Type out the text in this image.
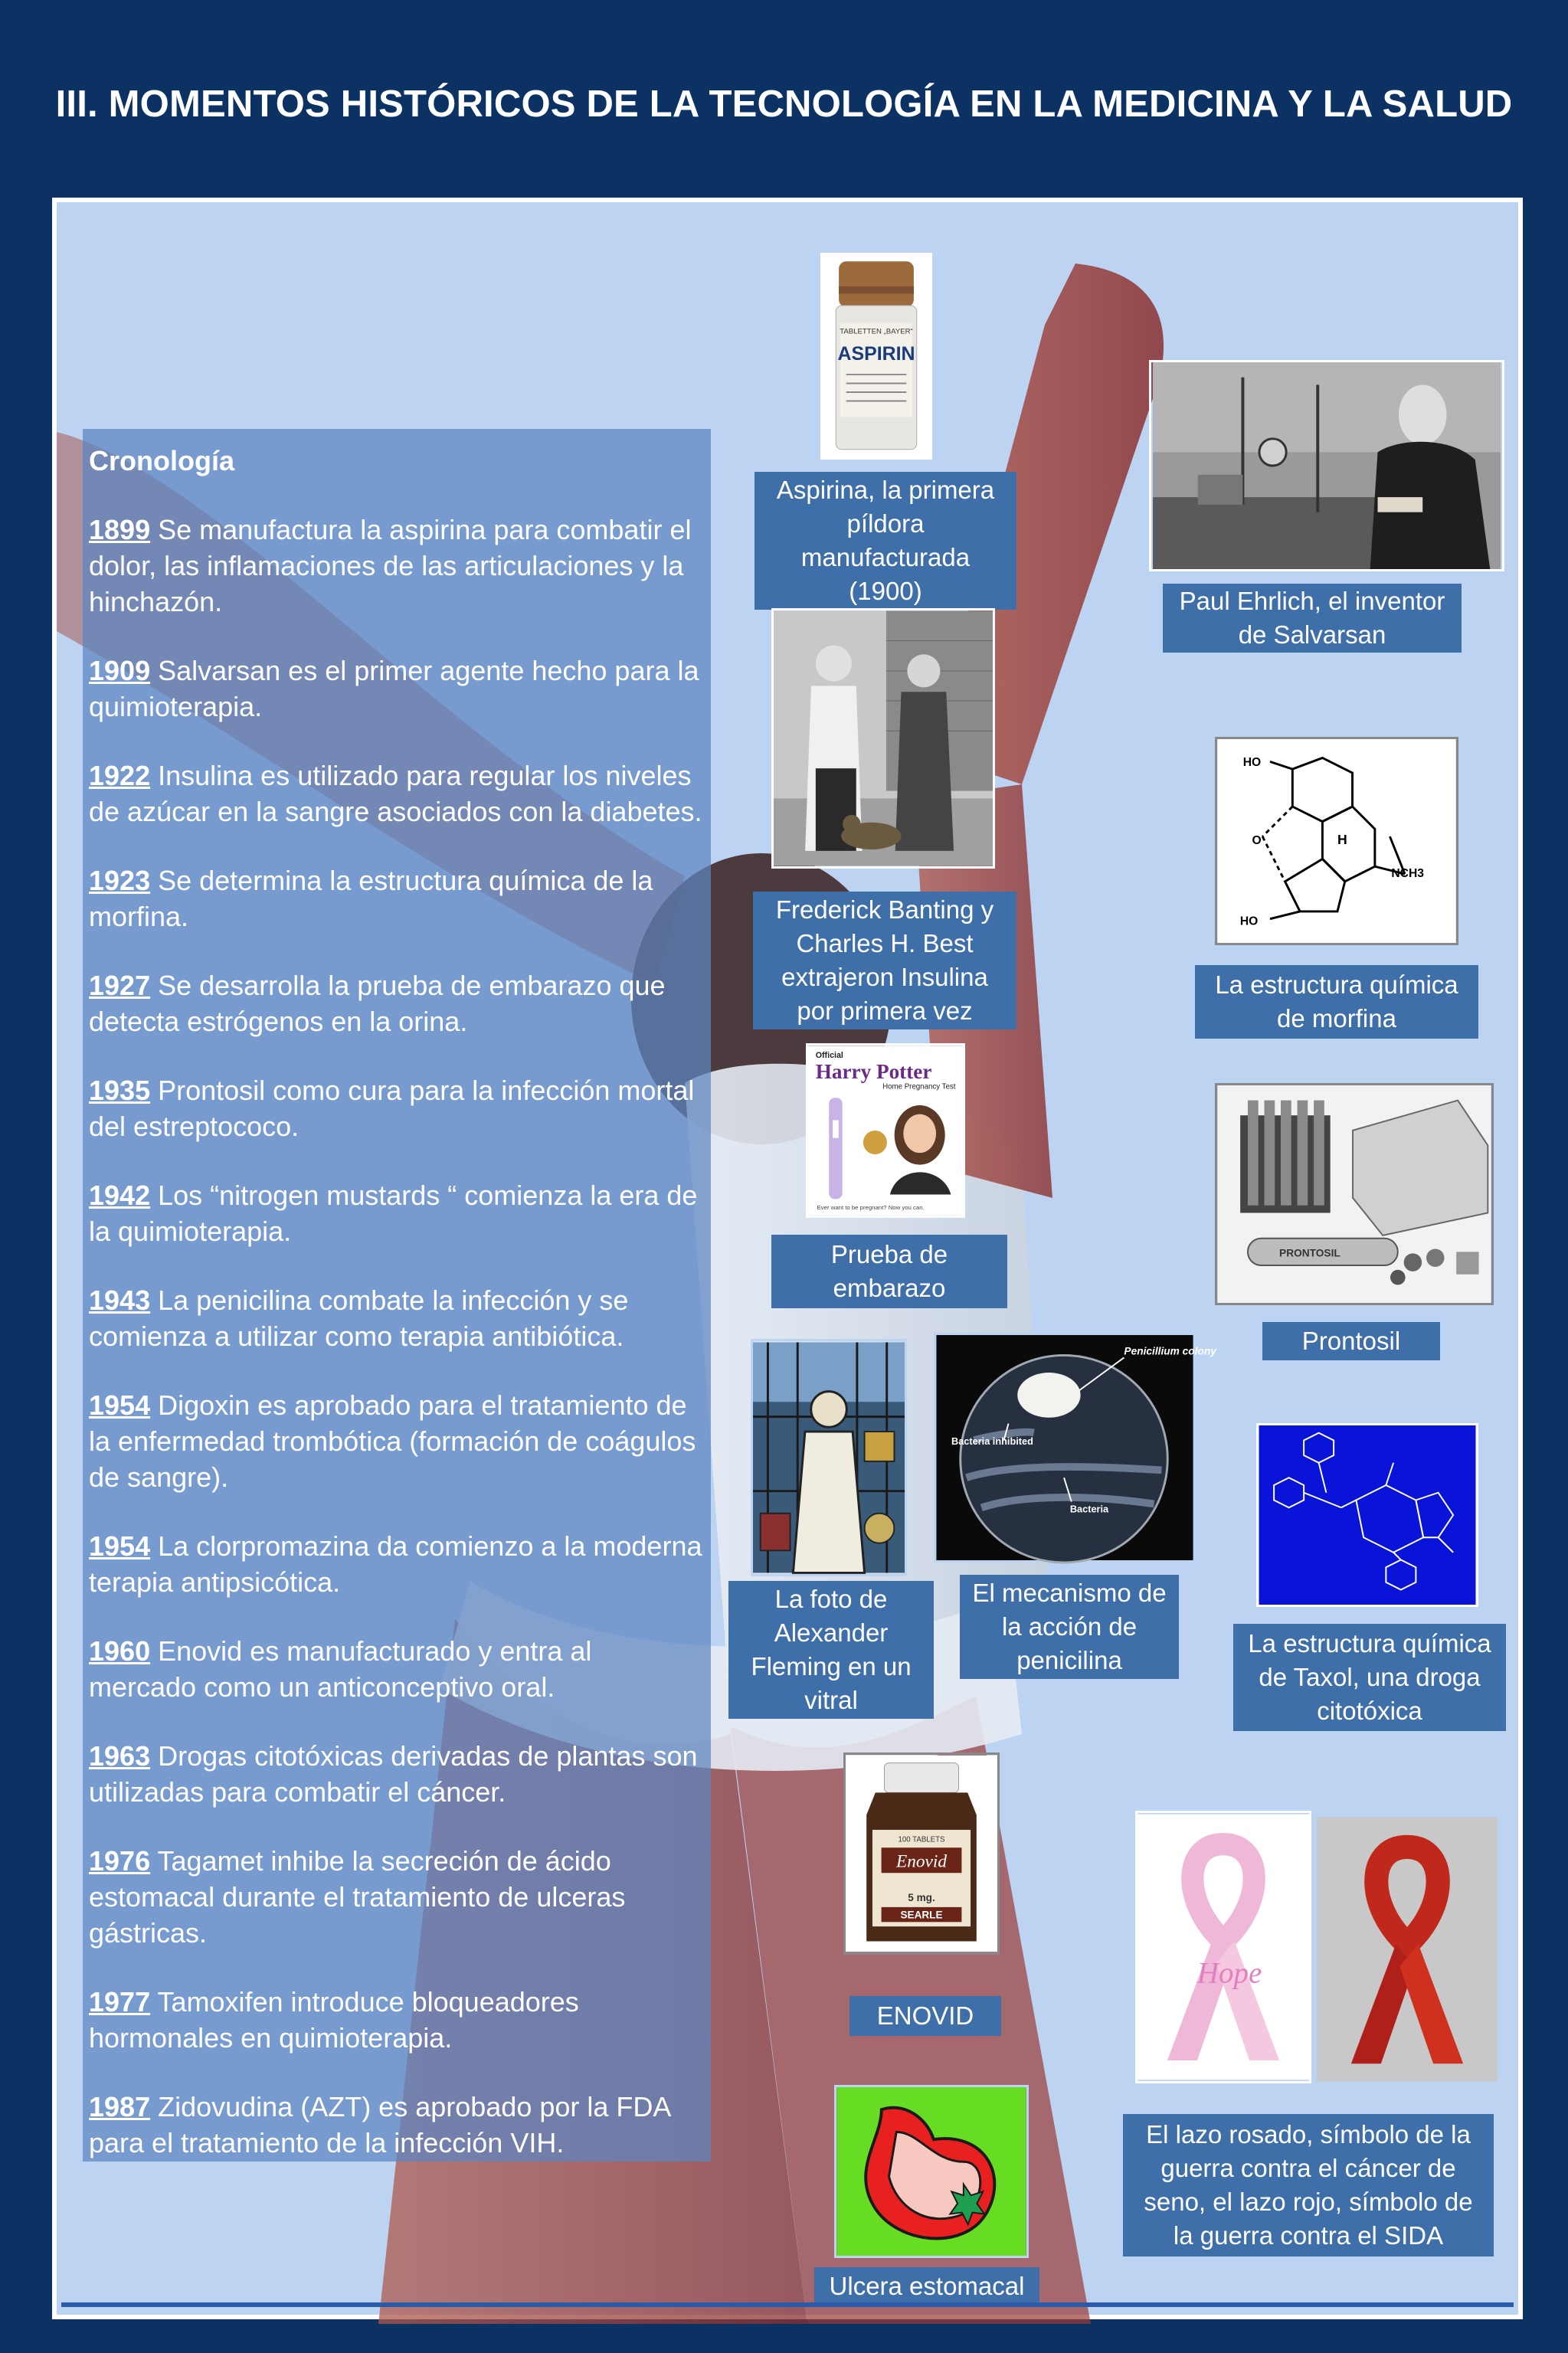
III. MOMENTOS HISTÓRICOS DE LA TECNOLOGÍA EN LA MEDICINA Y LA SALUD
Cronología
1899 Se manufactura la aspirina para combatir el dolor, las inflamaciones de las articulaciones y la hinchazón.
1909 Salvarsan es el primer agente hecho para la quimioterapia.
1922 Insulina es utilizado para regular los niveles de azúcar en la sangre asociados con la diabetes.
1923 Se determina la estructura química de la morfina.
1927 Se desarrolla la prueba de embarazo que detecta estrógenos en la orina.
1935 Prontosil como cura para la infección mortal del estreptococo.
1942 Los “nitrogen mustards “ comienza la era de la quimioterapia.
1943 La penicilina combate la infección y se comienza a utilizar como terapia antibiótica.
1954 Digoxin es aprobado para el tratamiento de la enfermedad trombótica (formación de coágulos de sangre).
1954 La clorpromazina da comienzo a la moderna terapia antipsicótica.
1960 Enovid es manufacturado y entra al mercado como un anticonceptivo oral.
1963 Drogas citotóxicas derivadas de plantas son utilizadas para combatir el cáncer.
1976 Tagamet inhibe la secreción de ácido estomacal durante el tratamiento de ulceras gástricas.
1977 Tamoxifen introduce bloqueadores hormonales en quimioterapia.
1987 Zidovudina (AZT) es aprobado por la FDA para el tratamiento de la infección VIH.
TABLETTEN „BAYER“
ASPIRIN
Aspirina, la primera píldora manufacturada (1900)	Paul Ehrlich, el inventor de Salvarsan
Frederick Banting y Charles H. Best extrajeron Insulina por primera vez
HO
HO
O	H
NCH3
La estructura química de morfina
Official
Harry Potter
Home Pregnancy Test
Ever want to be pregnant? Now you can.
Prueba de embarazo
PRONTOSIL
Prontosil
La foto de Alexander Fleming en un vitral
Penicillium colony
Bacteria inhibited
Bacteria
El mecanismo de la acción de penicilina
La estructura química de Taxol, una droga citotóxica
100 TABLETS
Enovid
5 mg.
SEARLE
ENOVID
Hope
El lazo rosado, símbolo de la guerra contra el cáncer de seno, el lazo rojo, símbolo de la guerra contra el SIDA
Ulcera estomacal
